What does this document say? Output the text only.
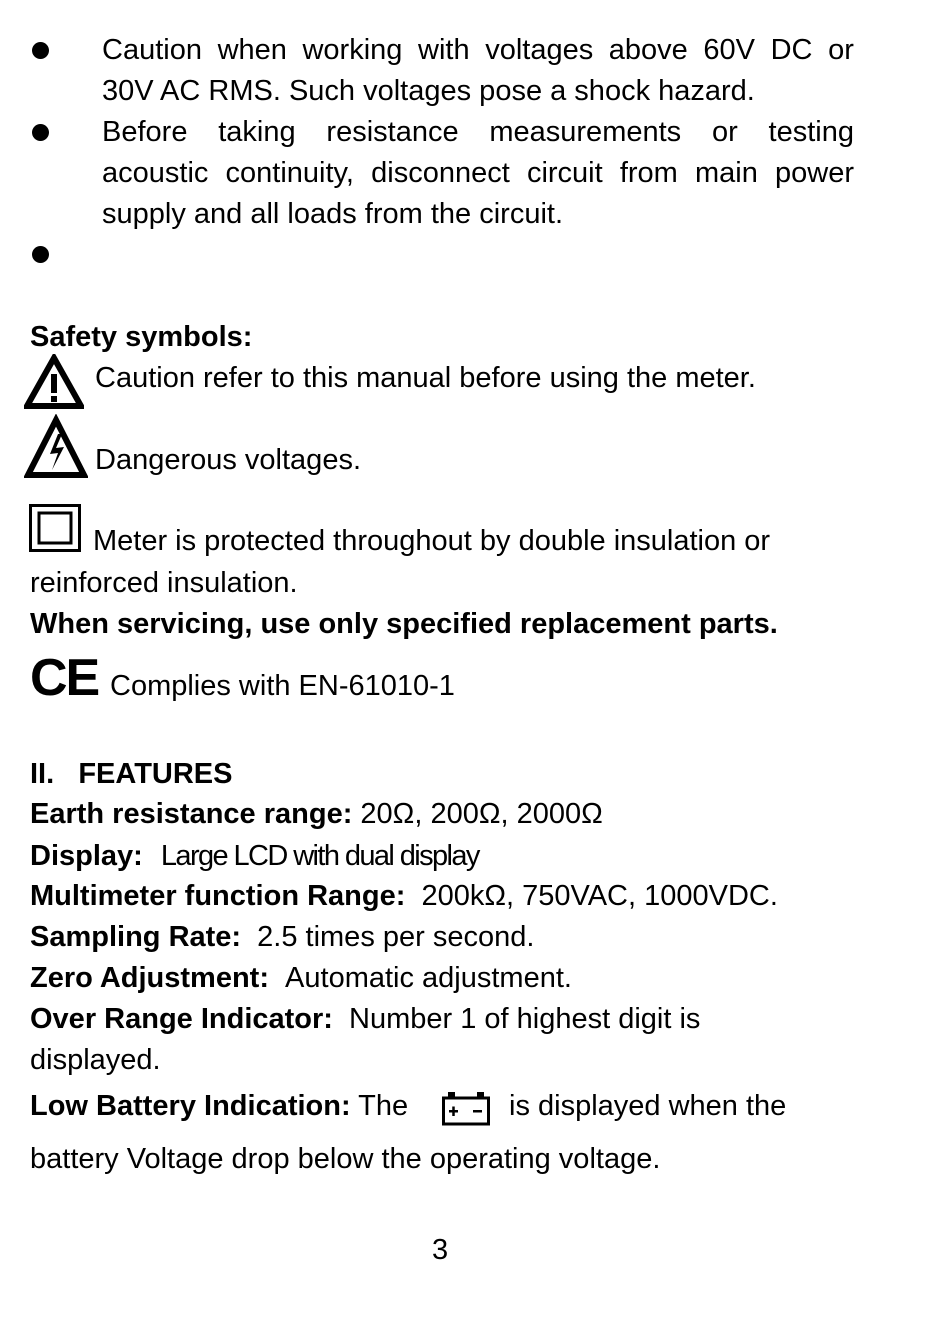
Caution when working with voltages above 60V DC or
30V AC RMS. Such voltages pose a shock hazard.
Before taking resistance measurements or testing
acoustic continuity, disconnect circuit from main power
supply and all loads from the circuit.
Safety symbols:
Caution refer to this manual before using the meter.
Dangerous voltages.
Meter is protected throughout by double insulation or
reinforced insulation.
When servicing, use only specified replacement parts.
CE Complies with EN-61010-1
II.   FEATURES
Earth resistance range: 20Ω, 200Ω, 2000Ω
Display: Large LCD with dual display
Multimeter function Range: 200kΩ, 750VAC, 1000VDC.
Sampling Rate: 2.5 times per second.
Zero Adjustment: Automatic adjustment.
Over Range Indicator: Number 1 of highest digit is
displayed.
Low Battery Indication: The	is displayed when the
battery Voltage drop below the operating voltage.
3
